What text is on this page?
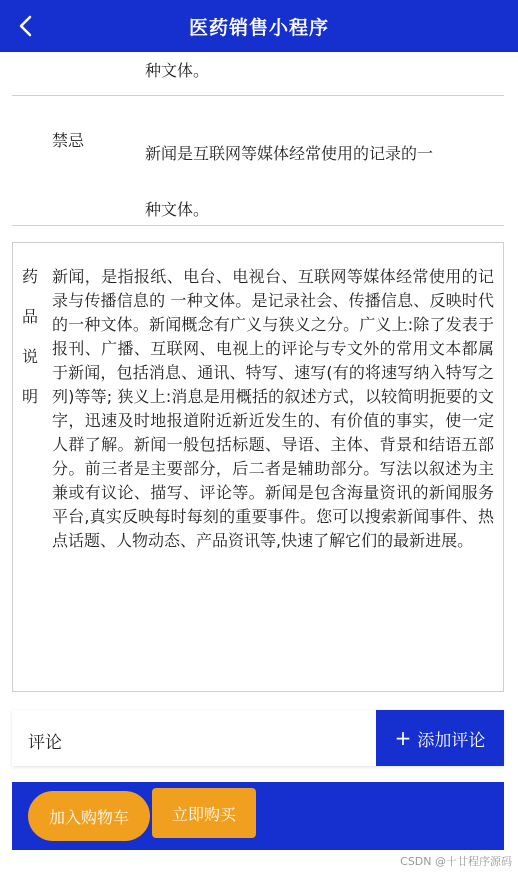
医药销售小程序
种文体。
禁忌
新闻是互联网等媒体经常使用的记录的一
种文体。
药
品
说
明
新闻，是指报纸、电台、电视台、互联网等媒体经常使用的记录与传播信息的 一种文体。是记录社会、传播信息、反映时代的一种文体。新闻概念有广义与狭义之分。广义上:除了发表于报刊、广播、互联网、电视上的评论与专文外的常用文本都属于新闻，包括消息、通讯、特写、速写(有的将速写纳入特写之列)等等; 狭义上:消息是用概括的叙述方式，以较简明扼要的文字，迅速及时地报道附近新近发生的、有价值的事实，使一定人群了解。新闻一般包括标题、导语、主体、背景和结语五部分。前三者是主要部分，后二者是辅助部分。写法以叙述为主兼或有议论、描写、评论等。新闻是包含海量资讯的新闻服务平台,真实反映每时每刻的重要事件。您可以搜索新闻事件、热点话题、人物动态、产品资讯等,快速了解它们的最新进展。
评论	+ 添加评论
加入购物车	立即购买
CSDN @十廿程序源码
